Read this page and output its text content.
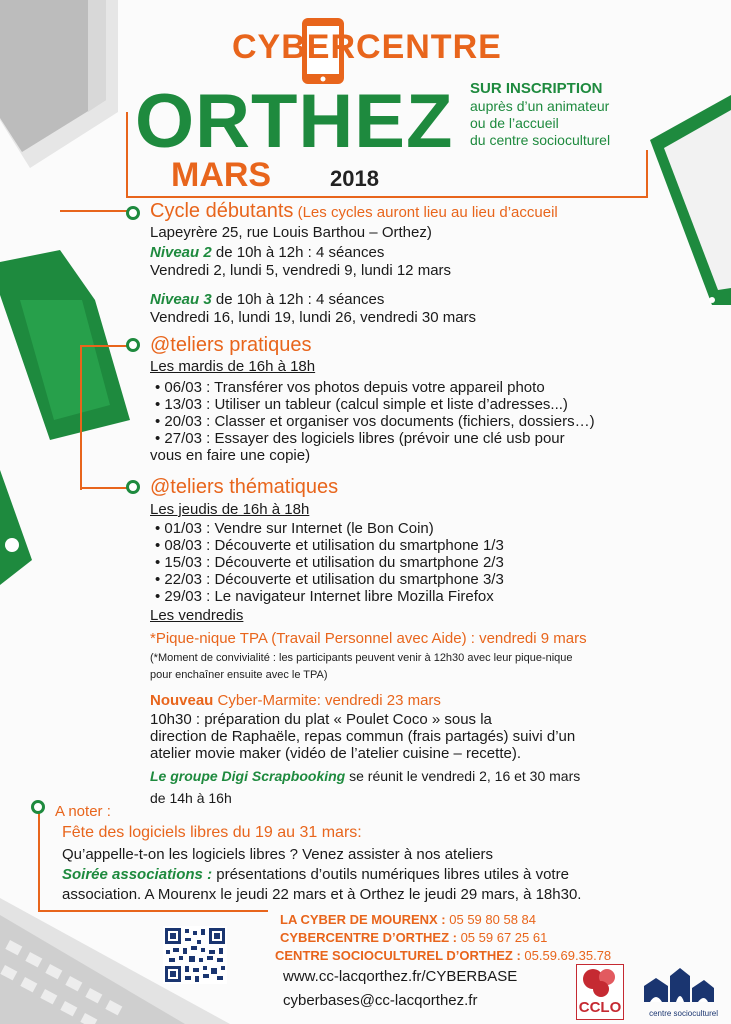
CYBERCENTRE
ORTHEZ
MARS	2018
SUR INSCRIPTION
auprès d’un animateur
ou de l’accueil
du centre socioculturel
Cycle débutants (Les cycles auront lieu au lieu d’accueil
Lapeyrère 25, rue Louis Barthou – Orthez)
Niveau 2 de 10h à 12h : 4 séances
Vendredi 2, lundi 5, vendredi 9, lundi 12 mars
Niveau 3 de 10h à 12h : 4 séances
Vendredi 16, lundi 19, lundi 26, vendredi 30 mars
@teliers pratiques
Les mardis de 16h à 18h
• 06/03 : Transférer vos photos depuis votre appareil photo
• 13/03 : Utiliser un tableur (calcul simple et liste d’adresses...)
• 20/03 : Classer et organiser vos documents (fichiers, dossiers…)
• 27/03 : Essayer des logiciels libres (prévoir une clé usb pour
vous en faire une copie)
@teliers thématiques
Les jeudis de 16h à 18h
• 01/03 : Vendre sur Internet (le Bon Coin)
• 08/03 : Découverte et utilisation du smartphone 1/3
• 15/03 : Découverte et utilisation du smartphone 2/3
• 22/03 : Découverte et utilisation du smartphone 3/3
• 29/03 : Le navigateur Internet libre Mozilla Firefox
Les vendredis
*Pique-nique TPA (Travail Personnel avec Aide) : vendredi 9 mars
(*Moment de convivialité : les participants peuvent venir à 12h30 avec leur pique-nique
pour enchaîner ensuite avec le TPA)
Nouveau Cyber-Marmite: vendredi 23 mars
10h30 : préparation du plat « Poulet Coco » sous la
direction de Raphaële, repas commun (frais partagés) suivi d’un
atelier movie maker (vidéo de l’atelier cuisine – recette).
Le groupe Digi Scrapbooking se réunit le vendredi 2, 16 et 30 mars
de 14h à 16h
A noter :
Fête des logiciels libres du 19 au 31 mars:
Qu’appelle-t-on les logiciels libres ? Venez assister à nos ateliers
Soirée associations : présentations d’outils numériques libres utiles à votre
association. A Mourenx le jeudi 22 mars et à Orthez le jeudi 29 mars, à 18h30.
LA CYBER DE MOURENX : 05 59 80 58 84
CYBERCENTRE D’ORTHEZ : 05 59 67 25 61
CENTRE SOCIOCULTUREL D’ORTHEZ : 05.59.69.35.78
www.cc-lacqorthez.fr/CYBERBASE
cyberbases@cc-lacqorthez.fr	CCLO	centre socioculturel
